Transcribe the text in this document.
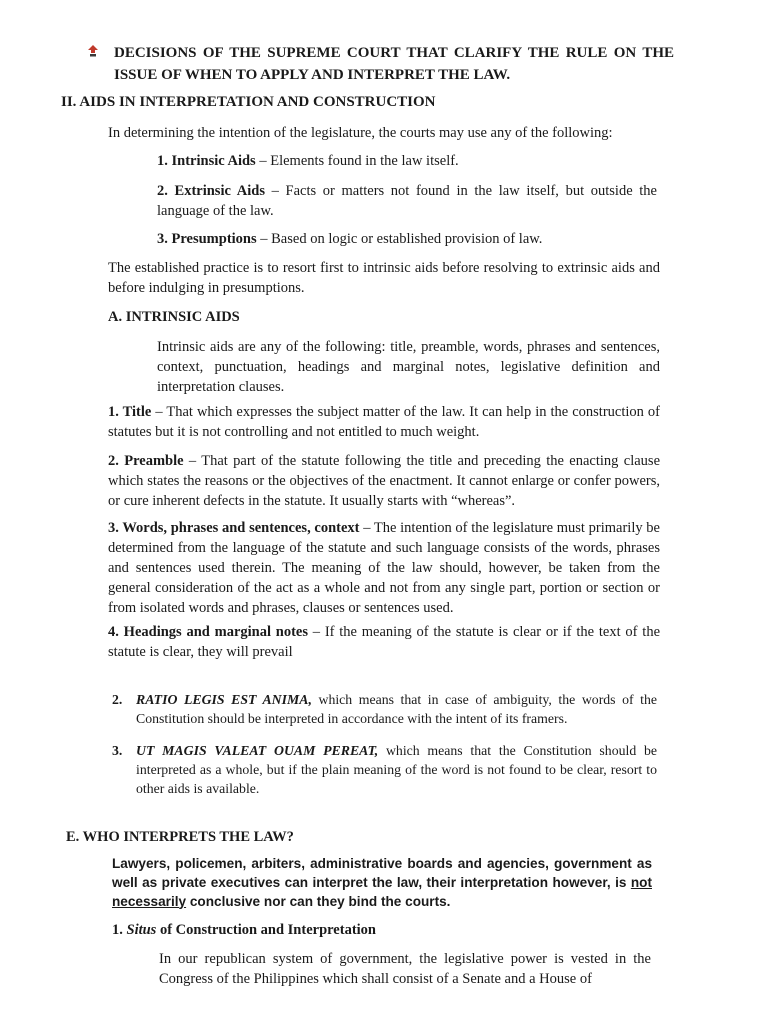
DECISIONS OF THE SUPREME COURT THAT CLARIFY THE RULE ON THE ISSUE OF WHEN TO APPLY AND INTERPRET THE LAW.

II. AIDS IN INTERPRETATION AND CONSTRUCTION

In determining the intention of the legislature, the courts may use any of the following:

1. Intrinsic Aids – Elements found in the law itself.

2. Extrinsic Aids – Facts or matters not found in the law itself, but outside the language of the law.

3. Presumptions – Based on logic or established provision of law.

The established practice is to resort first to intrinsic aids before resolving to extrinsic aids and before indulging in presumptions.

A. INTRINSIC AIDS

Intrinsic aids are any of the following: title, preamble, words, phrases and sentences, context, punctuation, headings and marginal notes, legislative definition and interpretation clauses.

1. Title – That which expresses the subject matter of the law. It can help in the construction of statutes but it is not controlling and not entitled to much weight.

2. Preamble – That part of the statute following the title and preceding the enacting clause which states the reasons or the objectives of the enactment. It cannot enlarge or confer powers, or cure inherent defects in the statute. It usually starts with “whereas”.

3. Words, phrases and sentences, context – The intention of the legislature must primarily be determined from the language of the statute and such language consists of the words, phrases and sentences used therein. The meaning of the law should, however, be taken from the general consideration of the act as a whole and not from any single part, portion or section or from isolated words and phrases, clauses or sentences used.

4. Headings and marginal notes – If the meaning of the statute is clear or if the text of the statute is clear, they will prevail

2. RATIO LEGIS EST ANIMA, which means that in case of ambiguity, the words of the Constitution should be interpreted in accordance with the intent of its framers.
3. UT MAGIS VALEAT OUAM PEREAT, which means that the Constitution should be interpreted as a whole, but if the plain meaning of the word is not found to be clear, resort to other aids is available.

E. WHO INTERPRETS THE LAW?

Lawyers, policemen, arbiters, administrative boards and agencies, government as well as private executives can interpret the law, their interpretation however, is not necessarily conclusive nor can they bind the courts.

1. Situs of Construction and Interpretation

In our republican system of government, the legislative power is vested in the Congress of the Philippines which shall consist of a Senate and a House of
